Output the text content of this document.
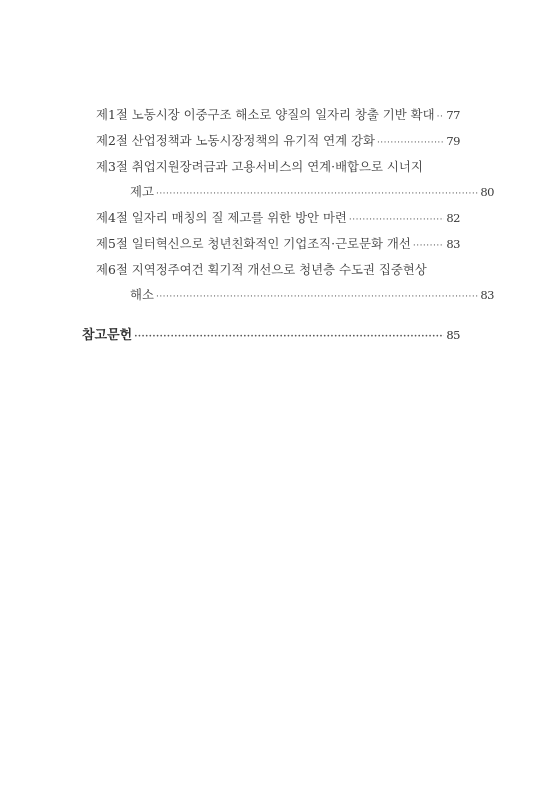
제1절 노동시장 이중구조 해소로 양질의 일자리 창출 기반 확대 ····· 77
제2절 산업정책과 노동시장정책의 유기적 연계 강화 ·····	79
제3절 취업지원장려금과 고용서비스의 연계·배합으로 시너지
제고 ·····	80
제4절 일자리 매칭의 질 제고를 위한 방안 마련 ·····	82
제5절 일터혁신으로 청년친화적인 기업조직·근로문화 개선 ·····	83
제6절 지역정주여건 획기적 개선으로 청년층 수도권 집중현상
해소 ·····	83
참고문헌 ·····	85
